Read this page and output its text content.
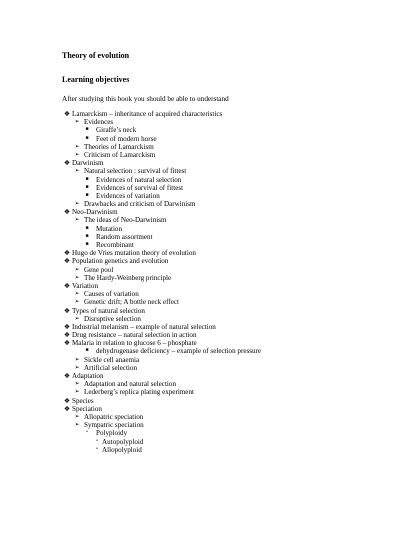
Theory of evolution
Learning objectives
After studying this book you should be able to understand
❖ Lamarckism – inheritance of acquired characteristics
➢ Evidences
■	Giraffe’s neck
■	Feet of modern horse
➢ Theories of Lamarckism
➢ Criticism of Lamarckism
❖ Darwinism
➢ Natural selection : survival of fittest
■	Evidences of natural selection
■	Evidences of survival of fittest
■	Evidences of variation
➢ Drawbacks and criticism of Darwinism
❖ Neo-Darwinism
➢ The ideas of Neo-Darwinism
■	Mutation
■	Random assortment
■	Recombinant
❖ Hugo de Vries mutation theory of evolution
❖ Population genetics and evolution
➢ Gene pool
➢ The Hardy-Weinberg principle
❖ Variation
➢ Causes of variation
➢ Genetic drift; A bottle neck effect
❖ Types of natural selection
➢ Disruptive selection
❖ Industrial melanism – example of natural selection
❖ Drug resistance – natural selection in action
❖ Malaria in relation to glucose 6 – phosphate
■	dehydrogenase deficiency – example of selection pressure
➢ Sickle cell anaemia
➢ Artificial selection
❖ Adaptation
➢ Adaptation and natural selection
➢ Lederberg’s replica plating experiment
❖ Species
❖ Speciation
➢ Allopatric speciation
➢ Sympatric speciation
•	Polyploidy
• Autopolyploid
• Allopolyploid
